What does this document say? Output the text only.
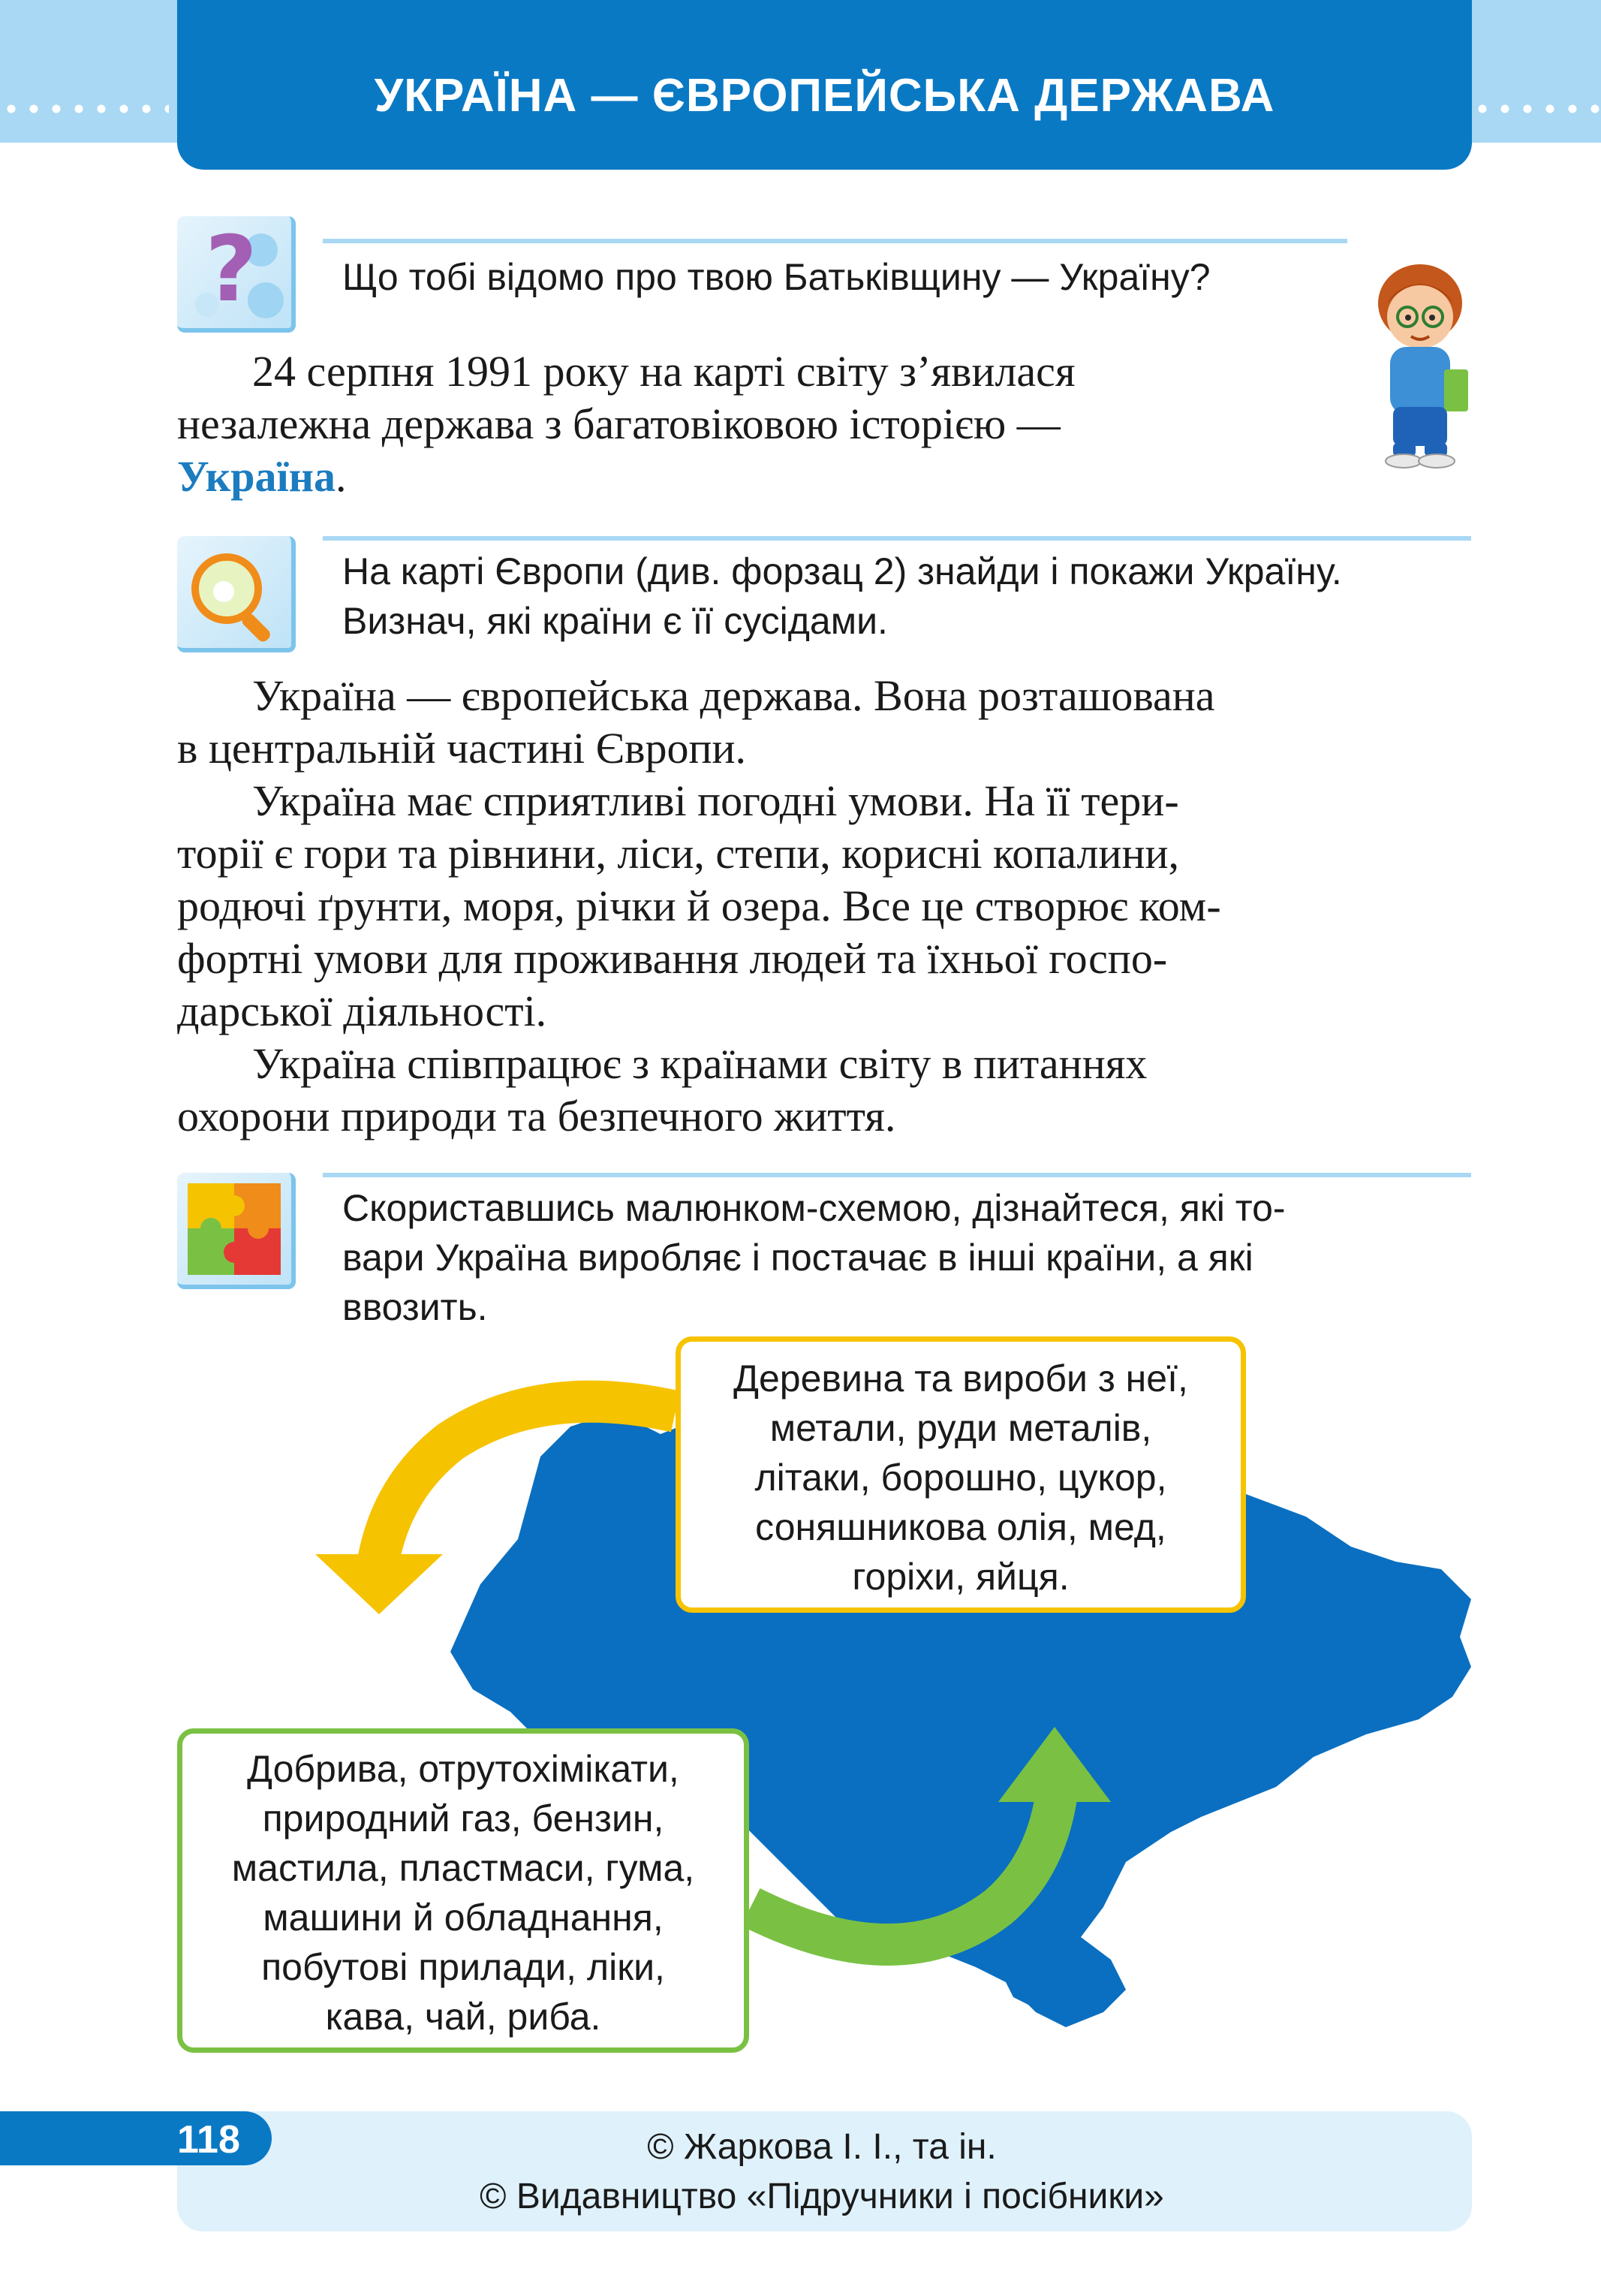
УКРАЇНА — ЄВРОПЕЙСЬКА ДЕРЖАВА
? Що тобі відомо про твою Батьківщину — Україну?
24 серпня 1991 року на карті світу з’явилася
незалежна держава з багатовіковою історією —
Україна.
На карті Європи (див. форзац 2) знайди і покажи Україну.
Визнач, які країни є її сусідами.
Україна — європейська держава. Вона розташована
в центральній частині Європи.
Україна має сприятливі погодні умови. На її тери-
торії є гори та рівнини, ліси, степи, корисні копалини,
родючі ґрунти, моря, річки й озера. Все це створює ком-
фортні умови для проживання людей та їхньої госпо-
дарської діяльності.
Україна співпрацює з країнами світу в питаннях
охорони природи та безпечного життя.
Скориставшись малюнком-схемою, дізнайтеся, які то-
вари Україна виробляє і постачає в інші країни, а які
ввозить.
Деревина та вироби з неї,
метали, руди металів,
літаки, борошно, цукор,
соняшникова олія, мед,
горіхи, яйця.
Добрива, отрутохімікати,
природний газ, бензин,
мастила, пластмаси, гума,
машини й обладнання,
побутові прилади, ліки,
кава, чай, риба.
118	© Жаркова І. І., та ін.
© Видавництво «Підручники і посібники»
